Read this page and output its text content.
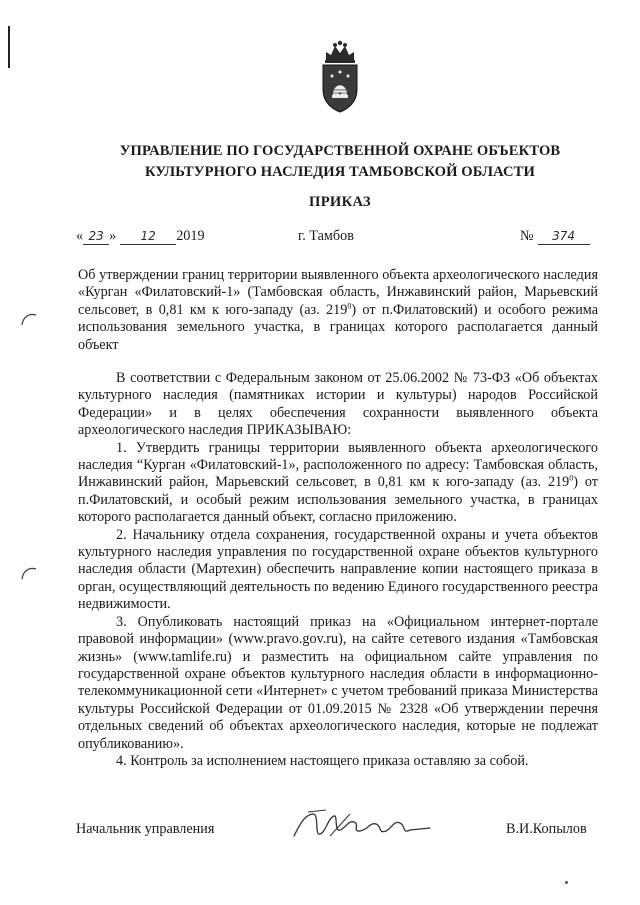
УПРАВЛЕНИЕ ПО ГОСУДАРСТВЕННОЙ ОХРАНЕ ОБЪЕКТОВ
КУЛЬТУРНОГО НАСЛЕДИЯ ТАМБОВСКОЙ ОБЛАСТИ
ПРИКАЗ
« 23 » 12 2019	г. Тамбов	№ 374
Об утверждении границ территории выявленного объекта археологического наследия «Курган «Филатовский-1» (Тамбовская область, Инжавинский район, Марьевский сельсовет, в 0,81 км к юго-западу (аз. $219^0$) от п.Филатовский) и особого режима использования земельного участка, в границах которого располагается данный объект

В соответствии с Федеральным законом от 25.06.2002 № 73-ФЗ «Об объектах культурного наследия (памятниках истории и культуры) народов Российской Федерации» и в целях обеспечения сохранности выявленного объекта археологического наследия ПРИКАЗЫВАЮ:

1. Утвердить границы территории выявленного объекта археологического наследия “Курган «Филатовский-1», расположенного по адресу: Тамбовская область, Инжавинский район, Марьевский сельсовет, в 0,81 км к юго-западу (аз. $219^0$) от п.Филатовский, и особый режим использования земельного участка, в границах которого располагается данный объект, согласно приложению.

2. Начальнику отдела сохранения, государственной охраны и учета объектов культурного наследия управления по государственной охране объектов культурного наследия области (Мартехин) обеспечить направление копии настоящего приказа в орган, осуществляющий деятельность по ведению Единого государственного реестра недвижимости.

3. Опубликовать настоящий приказ на «Официальном интернет-портале правовой информации» (www.pravo.gov.ru), на сайте сетевого издания «Тамбовская жизнь» (www.tamlife.ru) и разместить на официальном сайте управления по государственной охране объектов культурного наследия области в информационно-телекоммуникационной сети «Интернет» с учетом требований приказа Министерства культуры Российской Федерации от 01.09.2015 № 2328 «Об утверждении перечня отдельных сведений об объектах археологического наследия, которые не подлежат опубликованию».

4. Контроль за исполнением настоящего приказа оставляю за собой.

Начальник управления	В.И.Копылов
